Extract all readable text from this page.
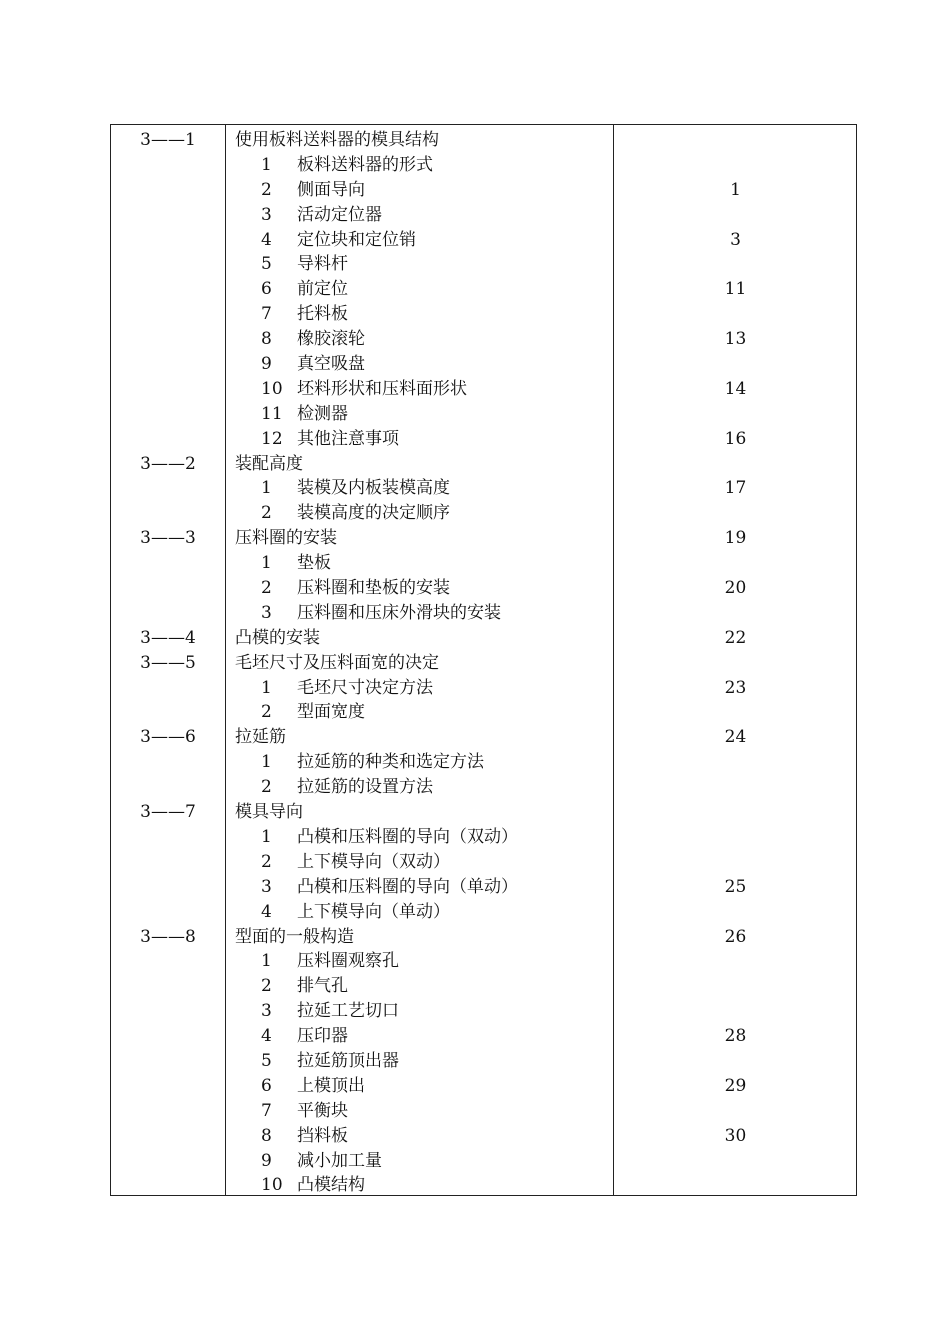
3——1	使用板料送料器的模具结构
1	板料送料器的形式
2	侧面导向	1
3	活动定位器
4	定位块和定位销	3
5	导料杆
6	前定位	11
7	托料板
8	橡胶滚轮	13
9	真空吸盘
10 坯料形状和压料面形状	14
11 检测器
12 其他注意事项	16
3——2	装配高度
1	装模及内板装模高度	17
2	装模高度的决定顺序
3——3	压料圈的安装	19
1	垫板
2	压料圈和垫板的安装	20
3	压料圈和压床外滑块的安装
3——4	凸模的安装	22
3——5	毛坯尺寸及压料面宽的决定
1	毛坯尺寸决定方法	23
2	型面宽度
3——6	拉延筋	24
1	拉延筋的种类和选定方法
2	拉延筋的设置方法
3——7	模具导向
1	凸模和压料圈的导向（双动）
2	上下模导向（双动）
3	凸模和压料圈的导向（单动）	25
4	上下模导向（单动）
3——8	型面的一般构造	26
1	压料圈观察孔
2	排气孔
3	拉延工艺切口
4	压印器	28
5	拉延筋顶出器
6	上模顶出	29
7	平衡块
8	挡料板	30
9	减小加工量
10 凸模结构
